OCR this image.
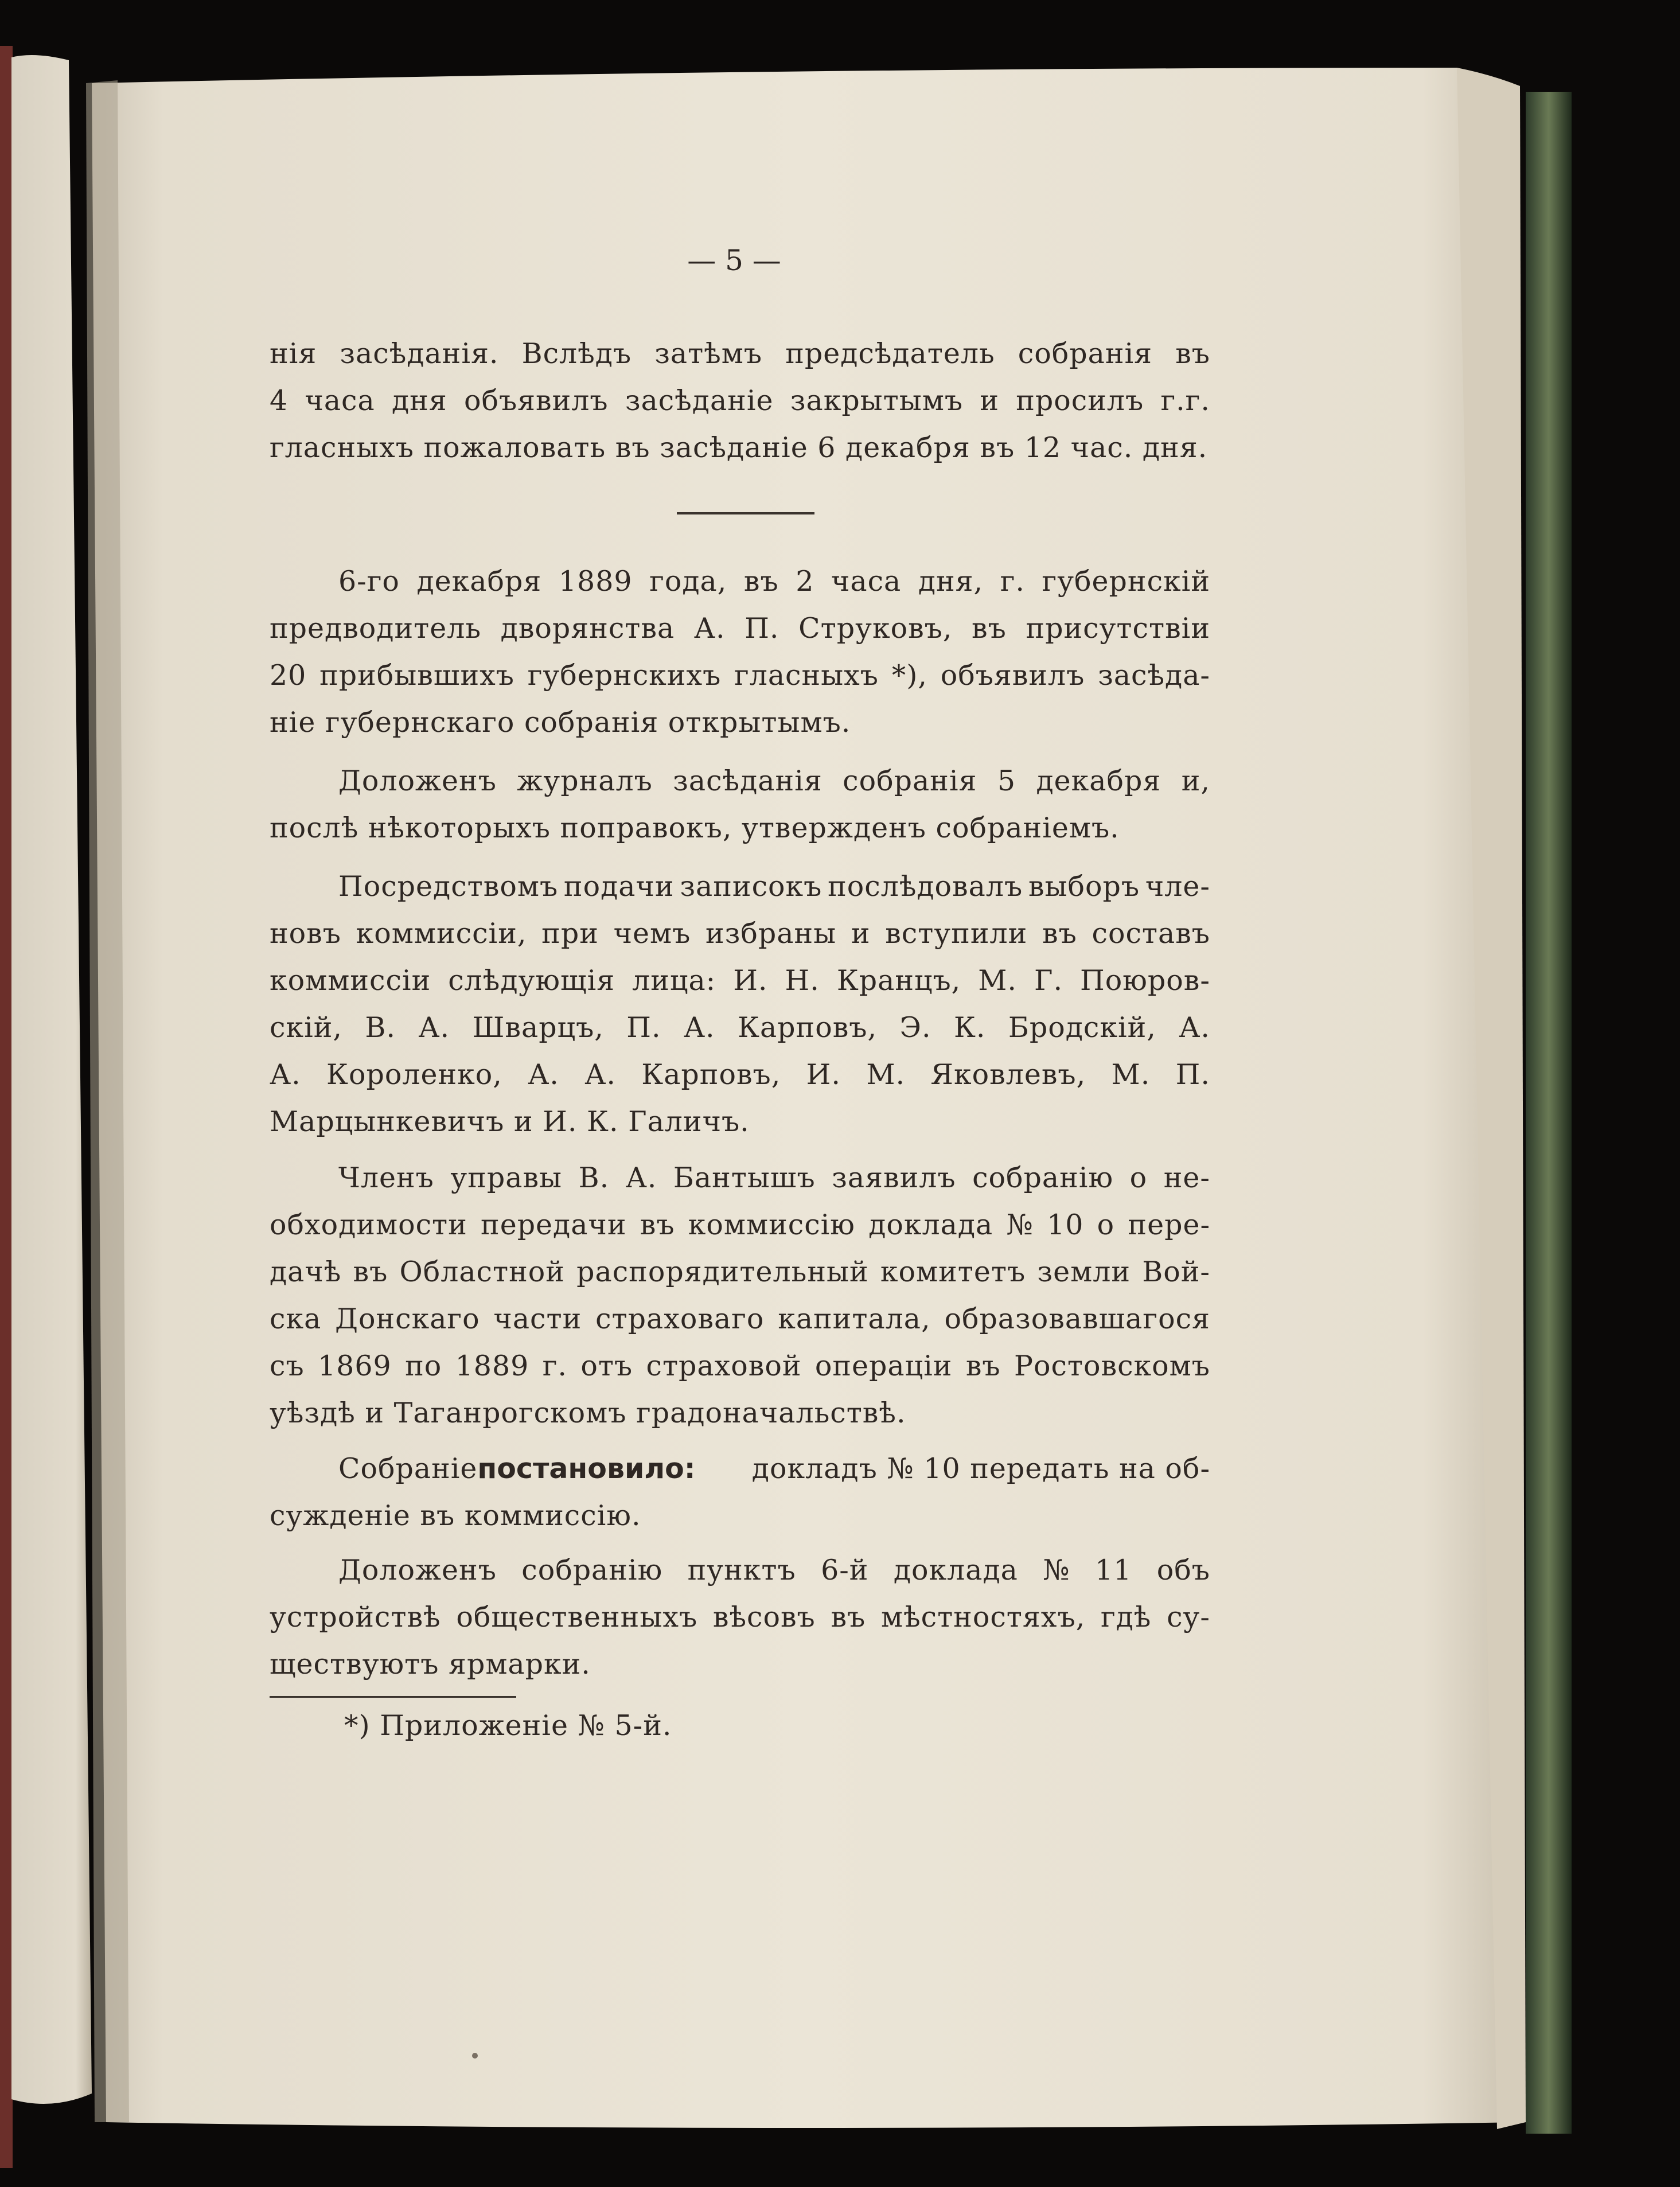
— 5 —
нія засѣданія. Вслѣдъ затѣмъ предсѣдатель собранія въ
4 часа дня объявилъ засѣданіе закрытымъ и просилъ г.г.
гласныхъ пожаловать въ засѣданіе 6 декабря въ 12 час. дня.
6-го декабря 1889 года, въ 2 часа дня, г. губернскій
предводитель дворянства А. П. Струковъ, въ присутствіи
20 прибывшихъ губернскихъ гласныхъ *), объявилъ засѣда-
ніе губернскаго собранія открытымъ.
Доложенъ журналъ засѣданія собранія 5 декабря и,
послѣ нѣкоторыхъ поправокъ, утвержденъ собраніемъ.
Посредствомъ подачи записокъ послѣдовалъ выборъ чле-
новъ коммиссіи, при чемъ избраны и вступили въ составъ
коммиссіи слѣдующія лица: И. Н. Кранцъ, М. Г. Поюров-
скій, В. А. Шварцъ, П. А. Карповъ, Э. К. Бродскій, А.
А. Короленко, А. А. Карповъ, И. М. Яковлевъ, М. П.
Марцынкевичъ и И. К. Галичъ.
Членъ управы В. А. Бантышъ заявилъ собранію о не-
обходимости передачи въ коммиссію доклада № 10 о пере-
дачѣ въ Областной распорядительный комитетъ земли Вой-
ска Донскаго части страховаго капитала, образовавшагося
съ 1869 по 1889 г. отъ страховой операціи въ Ростовскомъ
уѣздѣ и Таганрогскомъ градоначальствѣ.
Собраніе постановило:	докладъ № 10 передать на об-
сужденіе въ коммиссію.
Доложенъ собранію пунктъ 6-й доклада № 11 объ
устройствѣ общественныхъ вѣсовъ въ мѣстностяхъ, гдѣ су-
ществуютъ ярмарки.
*) Приложеніе № 5-й.
